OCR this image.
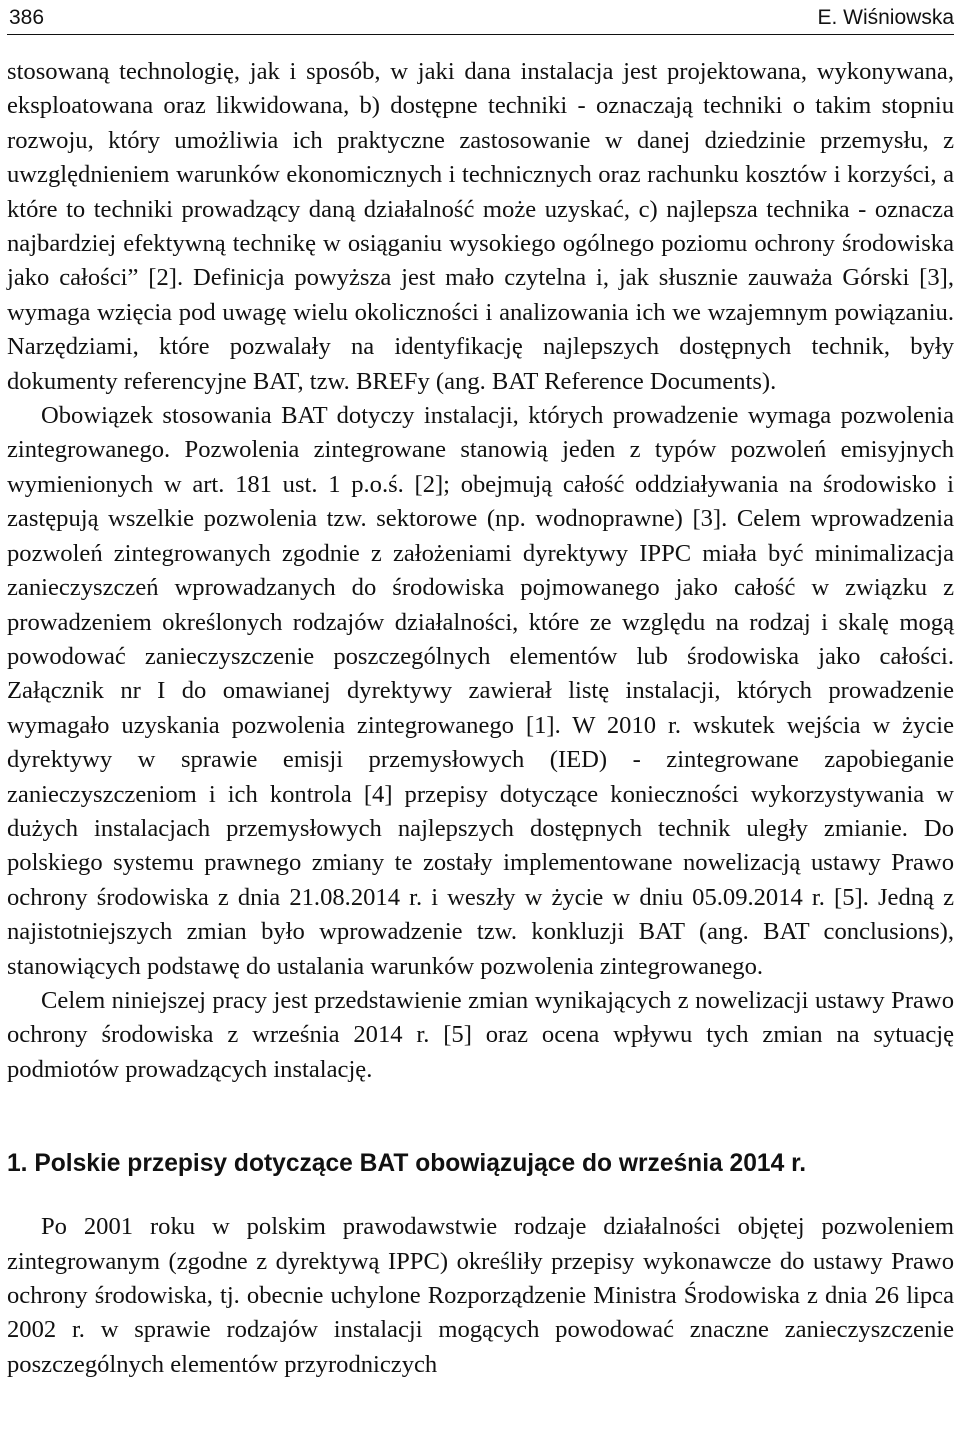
386	E. Wiśniowska

stosowaną technologię, jak i sposób, w jaki dana instalacja jest projektowana, wykonywana, eksploatowana oraz likwidowana, b) dostępne techniki - oznaczają techniki o takim stopniu rozwoju, który umożliwia ich praktyczne zastosowanie w danej dziedzinie przemysłu, z uwzględnieniem warunków ekonomicznych i technicznych oraz rachunku kosztów i korzyści, a które to techniki prowadzący daną działalność może uzyskać, c) najlepsza technika - oznacza najbardziej efektywną technikę w osiąganiu wysokiego ogólnego poziomu ochrony środowiska jako całości” [2]. Definicja powyższa jest mało czytelna i, jak słusznie zauważa Górski [3], wymaga wzięcia pod uwagę wielu okoliczności i analizowania ich we wzajemnym powiązaniu. Narzędziami, które pozwalały na identyfikację najlepszych dostępnych technik, były dokumenty referencyjne BAT, tzw. BREFy (ang. BAT Reference Documents).

Obowiązek stosowania BAT dotyczy instalacji, których prowadzenie wymaga pozwolenia zintegrowanego. Pozwolenia zintegrowane stanowią jeden z typów pozwoleń emisyjnych wymienionych w art. 181 ust. 1 p.o.ś. [2]; obejmują całość oddziaływania na środowisko i zastępują wszelkie pozwolenia tzw. sektorowe (np. wodnoprawne) [3]. Celem wprowadzenia pozwoleń zintegrowanych zgodnie z założeniami dyrektywy IPPC miała być minimalizacja zanieczyszczeń wprowadzanych do środowiska pojmowanego jako całość w związku z prowadzeniem określonych rodzajów działalności, które ze względu na rodzaj i skalę mogą powodować zanieczyszczenie poszczególnych elementów lub środowiska jako całości. Załącznik nr I do omawianej dyrektywy zawierał listę instalacji, których prowadzenie wymagało uzyskania pozwolenia zintegrowanego [1]. W 2010 r. wskutek wejścia w życie dyrektywy w sprawie emisji przemysłowych (IED) - zintegrowane zapobieganie zanieczyszczeniom i ich kontrola [4] przepisy dotyczące konieczności wykorzystywania w dużych instalacjach przemysłowych najlepszych dostępnych technik uległy zmianie. Do polskiego systemu prawnego zmiany te zostały implementowane nowelizacją ustawy Prawo ochrony środowiska z dnia 21.08.2014 r. i weszły w życie w dniu 05.09.2014 r. [5]. Jedną z najistotniejszych zmian było wprowadzenie tzw. konkluzji BAT (ang. BAT conclusions), stanowiących podstawę do ustalania warunków pozwolenia zintegrowanego.

Celem niniejszej pracy jest przedstawienie zmian wynikających z nowelizacji ustawy Prawo ochrony środowiska z września 2014 r. [5] oraz ocena wpływu tych zmian na sytuację podmiotów prowadzących instalację.

1. Polskie przepisy dotyczące BAT obowiązujące do września 2014 r.

Po 2001 roku w polskim prawodawstwie rodzaje działalności objętej pozwoleniem zintegrowanym (zgodne z dyrektywą IPPC) określiły przepisy wykonawcze do ustawy Prawo ochrony środowiska, tj. obecnie uchylone Rozporządzenie Ministra Środowiska z dnia 26 lipca 2002 r. w sprawie rodzajów instalacji mogących powodować znaczne zanieczyszczenie poszczególnych elementów przyrodniczych
